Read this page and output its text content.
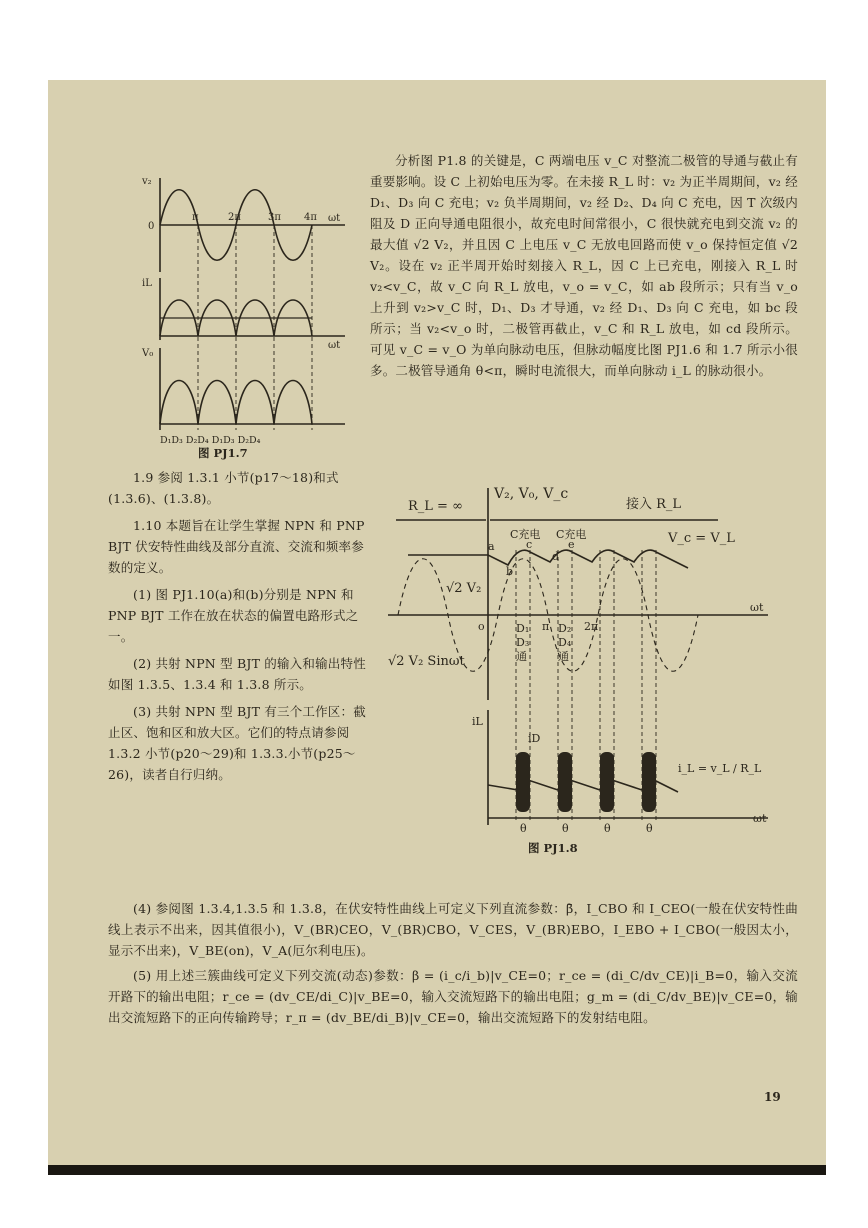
v₂
0
π	2π	3π 4π ωt
iL
ωt
V₀
D₁D₃ D₂D₄ D₁D₃ D₂D₄
图 PJ1.7
分析图 P1.8 的关键是，C 两端电压 v_C 对整流二极管的导通与截止有重要影响。设 C 上初始电压为零。在未接 R_L 时：v₂ 为正半周期间，v₂ 经 D₁、D₃ 向 C 充电；v₂ 负半周期间，v₂ 经 D₂、D₄ 向 C 充电，因 T 次级内阻及 D 正向导通电阻很小，故充电时间常很小，C 很快就充电到交流 v₂ 的最大值 √2 V₂，并且因 C 上电压 v_C 无放电回路而使 v_o 保持恒定值 √2 V₂。设在 v₂ 正半周开始时刻接入 R_L，因 C 上已充电，刚接入 R_L 时 v₂<v_C，故 v_C 向 R_L 放电，v_o = v_C，如 ab 段所示；只有当 v_o 上升到 v₂>v_C 时，D₁、D₃ 才导通，v₂ 经 D₁、D₃ 向 C 充电，如 bc 段所示；当 v₂<v_o 时，二极管再截止，v_C 和 R_L 放电，如 cd 段所示。可见 v_C = v_O 为单向脉动电压，但脉动幅度比图 PJ1.6 和 1.7 所示小很多。二极管导通角 θ<π，瞬时电流很大，而单向脉动 i_L 的脉动很小。
R_L = ∞
V₂, V₀, V_c
接入 R_L
C充电 C充电	V_c = V_L
√2 V₂
√2 V₂ Sinωt
ωt
o
b
a	c
d
e
D₁
D₃
通
π D₂
D₄
通
2π
iL
iD
i_L = v_L / R_L
θ	θ	θ	θ
ωt
图 PJ1.8

1.9 参阅 1.3.1 小节(p17～18)和式(1.3.6)、(1.3.8)。

1.10 本题旨在让学生掌握 NPN 和 PNP BJT 伏安特性曲线及部分直流、交流和频率参数的定义。

(1) 图 PJ1.10(a)和(b)分别是 NPN 和 PNP BJT 工作在放在状态的偏置电路形式之一。

(2) 共射 NPN 型 BJT 的输入和输出特性如图 1.3.5、1.3.4 和 1.3.8 所示。

(3) 共射 NPN 型 BJT 有三个工作区：截止区、饱和区和放大区。它们的特点请参阅 1.3.2 小节(p20～29)和 1.3.3.小节(p25～26)，读者自行归纳。

(4) 参阅图 1.3.4,1.3.5 和 1.3.8，在伏安特性曲线上可定义下列直流参数：β̄，I_CBO 和 I_CEO(一般在伏安特性曲线上表示不出来，因其值很小)，V_(BR)CEO，V_(BR)CBO，V_CES，V_(BR)EBO，I_EBO + I_CBO(一般因太小，显示不出来)，V_BE(on)，V_A(厄尔利电压)。

(5) 用上述三簇曲线可定义下列交流(动态)参数：β = (i_c/i_b)|v_CE=0；r_ce = (di_C/dv_CE)|i_B=0，输入交流开路下的输出电阻；r_ce = (dv_CE/di_C)|v_BE=0，输入交流短路下的输出电阻；g_m = (di_C/dv_BE)|v_CE=0，输出交流短路下的正向传输跨导；r_π = (dv_BE/di_B)|v_CE=0，输出交流短路下的发射结电阻。

19
